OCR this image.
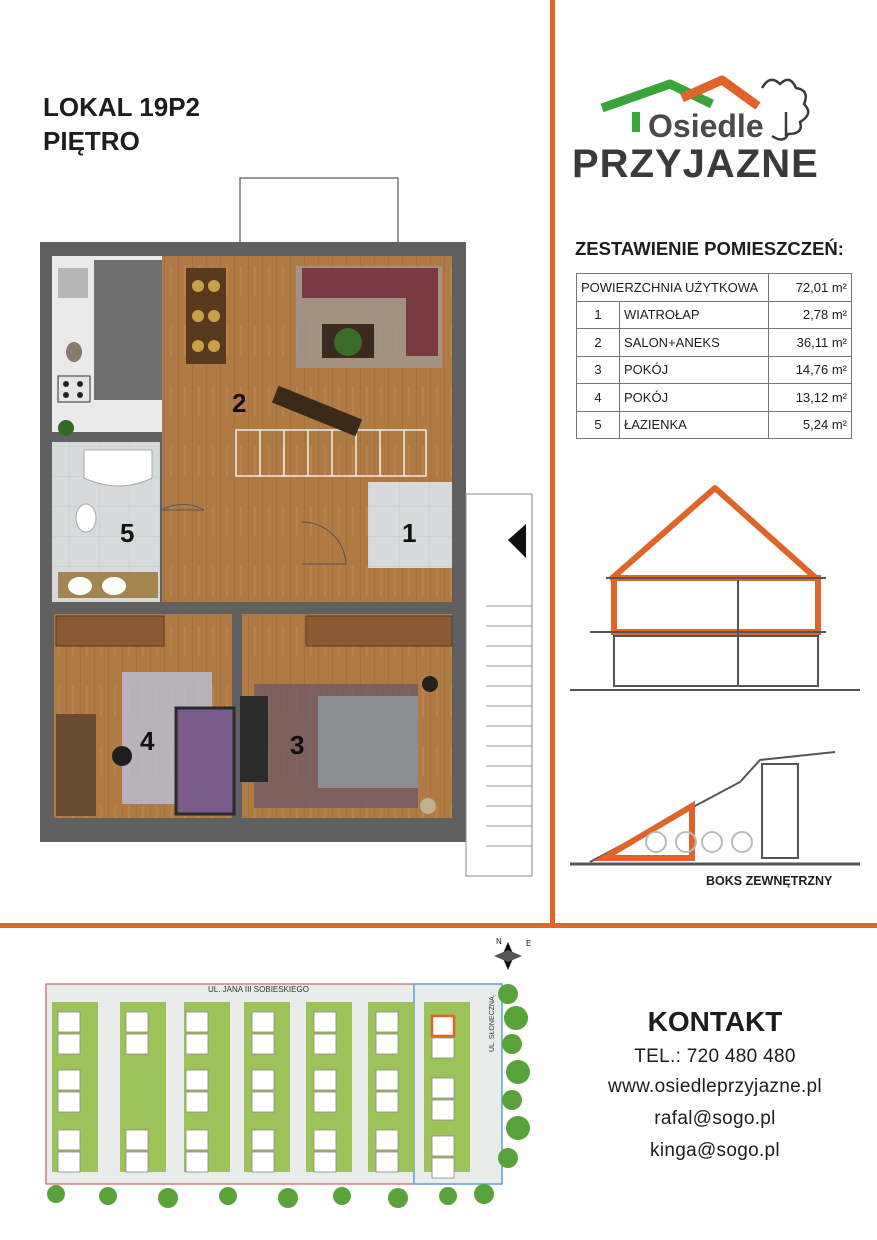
LOKAL 19P2
PIĘTRO	Osiedle
PRZYJAZNE
ZESTAWIENIE POMIESZCZEŃ:
POWIERZCHNIA UŻYTKOWA		72,01 m²
1	WIATROŁAP	2,78 m²
2	SALON+ANEKS	36,11 m²
3	POKÓJ	14,76 m²
4	POKÓJ	13,12 m²
5	ŁAZIENKA	5,24 m²
2
1
5
4	3
BOKS ZEWNĘTRZNY
UL. JANA III SOBIESKIEGO
UL. SŁONECZNA
N	E
KONTAKT
TEL.: 720 480 480
www.osiedleprzyjazne.pl
rafal@sogo.pl
kinga@sogo.pl
